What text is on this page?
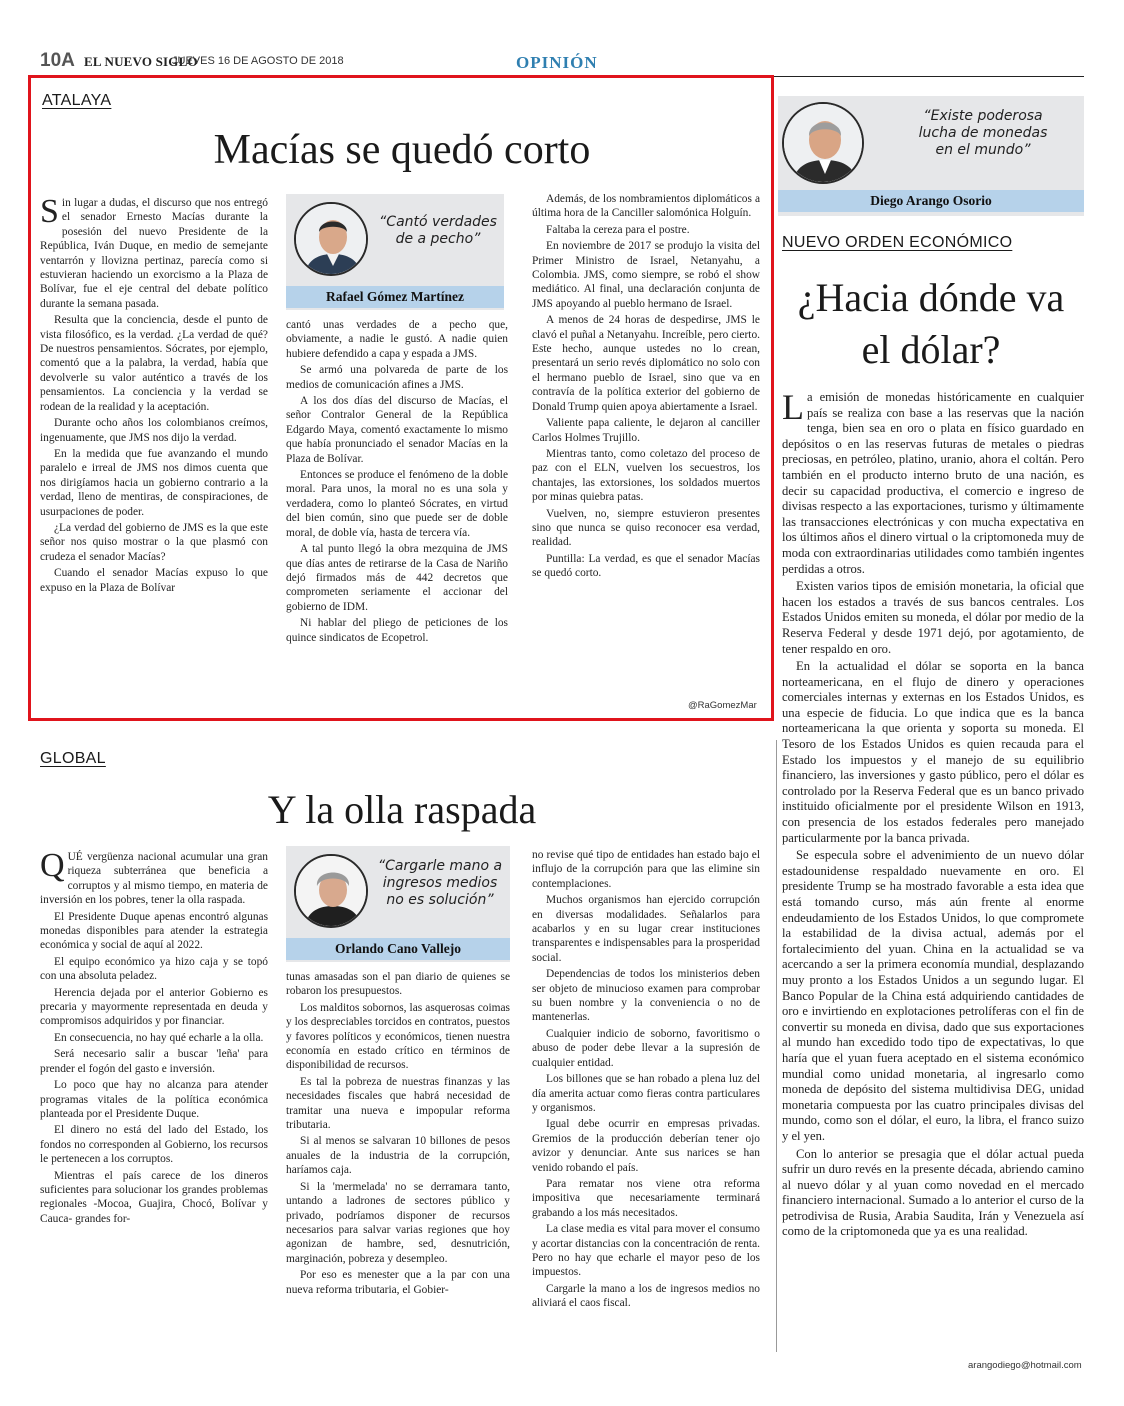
10A EL NUEVO SIGLO
JUEVES 16 DE AGOSTO DE 2018	OPINIÓN
ATALAYA
Macías se quedó corto

Sin lugar a dudas, el discurso que nos entregó el senador Ernesto Macías durante la posesión del nuevo Presidente de la República, Iván Duque, en medio de semejante ventarrón y llovizna pertinaz, parecía como si estuvieran haciendo un exorcismo a la Plaza de Bolívar, fue el eje central del debate político durante la semana pasada.

Resulta que la conciencia, desde el punto de vista filosófico, es la verdad. ¿La verdad de qué? De nuestros pensamientos. Sócrates, por ejemplo, comentó que a la palabra, la verdad, había que devolverle su valor auténtico a través de los pensamientos. La conciencia y la verdad se rodean de la realidad y la aceptación.

Durante ocho años los colombianos creímos, ingenuamente, que JMS nos dijo la verdad.

En la medida que fue avanzando el mundo paralelo e irreal de JMS nos dimos cuenta que nos dirigíamos hacia un gobierno contrario a la verdad, lleno de mentiras, de conspiraciones, de usurpaciones de poder.

¿La verdad del gobierno de JMS es la que este señor nos quiso mostrar o la que plasmó con crudeza el senador Macías?

Cuando el senador Macías expuso lo que expuso en la Plaza de Bolívar

“Cantó verdades de a pecho”
Rafael Gómez Martínez

cantó unas verdades de a pecho que, obviamente, a nadie le gustó. A nadie quien hubiere defendido a capa y espada a JMS.

Se armó una polvareda de parte de los medios de comunicación afines a JMS.

A los dos días del discurso de Macías, el señor Contralor General de la República Edgardo Maya, comentó exactamente lo mismo que había pronunciado el senador Macías en la Plaza de Bolívar.

Entonces se produce el fenómeno de la doble moral. Para unos, la moral no es una sola y verdadera, como lo planteó Sócrates, en virtud del bien común, sino que puede ser de doble moral, de doble vía, hasta de tercera vía.

A tal punto llegó la obra mezquina de JMS que días antes de retirarse de la Casa de Nariño dejó firmados más de 442 decretos que comprometen seriamente el accionar del gobierno de IDM.

Ni hablar del pliego de peticiones de los quince sindicatos de Ecopetrol.

Además, de los nombramientos diplomáticos a última hora de la Canciller salomónica Holguín.

Faltaba la cereza para el postre.

En noviembre de 2017 se produjo la visita del Primer Ministro de Israel, Netanyahu, a Colombia. JMS, como siempre, se robó el show mediático. Al final, una declaración conjunta de JMS apoyando al pueblo hermano de Israel.

A menos de 24 horas de despedirse, JMS le clavó el puñal a Netanyahu. Increíble, pero cierto. Este hecho, aunque ustedes no lo crean, presentará un serio revés diplomático no solo con el hermano pueblo de Israel, sino que va en contravía de la política exterior del gobierno de Donald Trump quien apoya abiertamente a Israel.

Valiente papa caliente, le dejaron al canciller Carlos Holmes Trujillo.

Mientras tanto, como coletazo del proceso de paz con el ELN, vuelven los secuestros, los chantajes, las extorsiones, los soldados muertos por minas quiebra patas.

Vuelven, no, siempre estuvieron presentes sino que nunca se quiso reconocer esa verdad, realidad.

Puntilla: La verdad, es que el senador Macías se quedó corto.

@RaGomezMar
GLOBAL
Y la olla raspada

QUÉ vergüenza nacional acumular una gran riqueza subterránea que beneficia a corruptos y al mismo tiempo, en materia de inversión en los pobres, tener la olla raspada.

El Presidente Duque apenas encontró algunas monedas disponibles para atender la estrategia económica y social de aquí al 2022.

El equipo económico ya hizo caja y se topó con una absoluta peladez.

Herencia dejada por el anterior Gobierno es precaria y mayormente representada en deuda y compromisos adquiridos y por financiar.

En consecuencia, no hay qué echarle a la olla.

Será necesario salir a buscar 'leña' para prender el fogón del gasto e inversión.

Lo poco que hay no alcanza para atender programas vitales de la política económica planteada por el Presidente Duque.

El dinero no está del lado del Estado, los fondos no corresponden al Gobierno, los recursos le pertenecen a los corruptos.

Mientras el país carece de los dineros suficientes para solucionar los grandes problemas regionales -Mocoa, Guajira, Chocó, Bolívar y Cauca- grandes for-

“Cargarle mano a ingresos medios no es solución”
Orlando Cano Vallejo

tunas amasadas son el pan diario de quienes se robaron los presupuestos.

Los malditos sobornos, las asquerosas coimas y los despreciables torcidos en contratos, puestos y favores políticos y económicos, tienen nuestra economía en estado crítico en términos de disponibilidad de recursos.

Es tal la pobreza de nuestras finanzas y las necesidades fiscales que habrá necesidad de tramitar una nueva e impopular reforma tributaria.

Si al menos se salvaran 10 billones de pesos anuales de la industria de la corrupción, haríamos caja.

Si la 'mermelada' no se derramara tanto, untando a ladrones de sectores público y privado, podríamos disponer de recursos necesarios para salvar varias regiones que hoy agonizan de hambre, sed, desnutrición, marginación, pobreza y desempleo.

Por eso es menester que a la par con una nueva reforma tributaria, el Gobier-

no revise qué tipo de entidades han estado bajo el influjo de la corrupción para que las elimine sin contemplaciones.

Muchos organismos han ejercido corrupción en diversas modalidades. Señalarlos para acabarlos y en su lugar crear instituciones transparentes e indispensables para la prosperidad social.

Dependencias de todos los ministerios deben ser objeto de minucioso examen para comprobar su buen nombre y la conveniencia o no de mantenerlas.

Cualquier indicio de soborno, favoritismo o abuso de poder debe llevar a la supresión de cualquier entidad.

Los billones que se han robado a plena luz del día amerita actuar como fieras contra particulares y organismos.

Igual debe ocurrir en empresas privadas. Gremios de la producción deberían tener ojo avizor y denunciar. Ante sus narices se han venido robando el país.

Para rematar nos viene otra reforma impositiva que necesariamente terminará grabando a los más necesitados.

La clase media es vital para mover el consumo y acortar distancias con la concentración de renta. Pero no hay que echarle el mayor peso de los impuestos.

Cargarle la mano a los de ingresos medios no aliviará el caos fiscal.

“Existe poderosa lucha de monedas en el mundo”
Diego Arango Osorio
NUEVO ORDEN ECONÓMICO
¿Hacia dónde va
el dólar?

La emisión de monedas históricamente en cualquier país se realiza con base a las reservas que la nación tenga, bien sea en oro o plata en físico guardado en depósitos o en las reservas futuras de metales o piedras preciosas, en petróleo, platino, uranio, ahora el coltán. Pero también en el producto interno bruto de una nación, es decir su capacidad productiva, el comercio e ingreso de divisas respecto a las exportaciones, turismo y últimamente las transacciones electrónicas y con mucha expectativa en los últimos años el dinero virtual o la criptomoneda muy de moda con extraordinarias utilidades como también ingentes perdidas a otros.

Existen varios tipos de emisión monetaria, la oficial que hacen los estados a través de sus bancos centrales. Los Estados Unidos emiten su moneda, el dólar por medio de la Reserva Federal y desde 1971 dejó, por agotamiento, de tener respaldo en oro.

En la actualidad el dólar se soporta en la banca norteamericana, en el flujo de dinero y operaciones comerciales internas y externas en los Estados Unidos, es una especie de fiducia. Lo que indica que es la banca norteamericana la que orienta y soporta su moneda. El Tesoro de los Estados Unidos es quien recauda para el Estado los impuestos y el manejo de su equilibrio financiero, las inversiones y gasto público, pero el dólar es controlado por la Reserva Federal que es un banco privado instituido oficialmente por el presidente Wilson en 1913, con presencia de los estados federales pero manejado particularmente por la banca privada.

Se especula sobre el advenimiento de un nuevo dólar estadounidense respaldado nuevamente en oro. El presidente Trump se ha mostrado favorable a esta idea que está tomando curso, más aún frente al enorme endeudamiento de los Estados Unidos, lo que compromete la estabilidad de la divisa actual, además por el fortalecimiento del yuan. China en la actualidad se va acercando a ser la primera economía mundial, desplazando muy pronto a los Estados Unidos a un segundo lugar. El Banco Popular de la China está adquiriendo cantidades de oro e invirtiendo en explotaciones petrolíferas con el fin de convertir su moneda en divisa, dado que sus exportaciones al mundo han excedido todo tipo de expectativas, lo que haría que el yuan fuera aceptado en el sistema económico mundial como unidad monetaria, al ingresarlo como moneda de depósito del sistema multidivisa DEG, unidad monetaria compuesta por las cuatro principales divisas del mundo, como son el dólar, el euro, la libra, el franco suizo y el yen.

Con lo anterior se presagia que el dólar actual pueda sufrir un duro revés en la presente década, abriendo camino al nuevo dólar y al yuan como novedad en el mercado financiero internacional. Sumado a lo anterior el curso de la petrodivisa de Rusia, Arabia Saudita, Irán y Venezuela así como de la criptomoneda que ya es una realidad.

arangodiego@hotmail.com
